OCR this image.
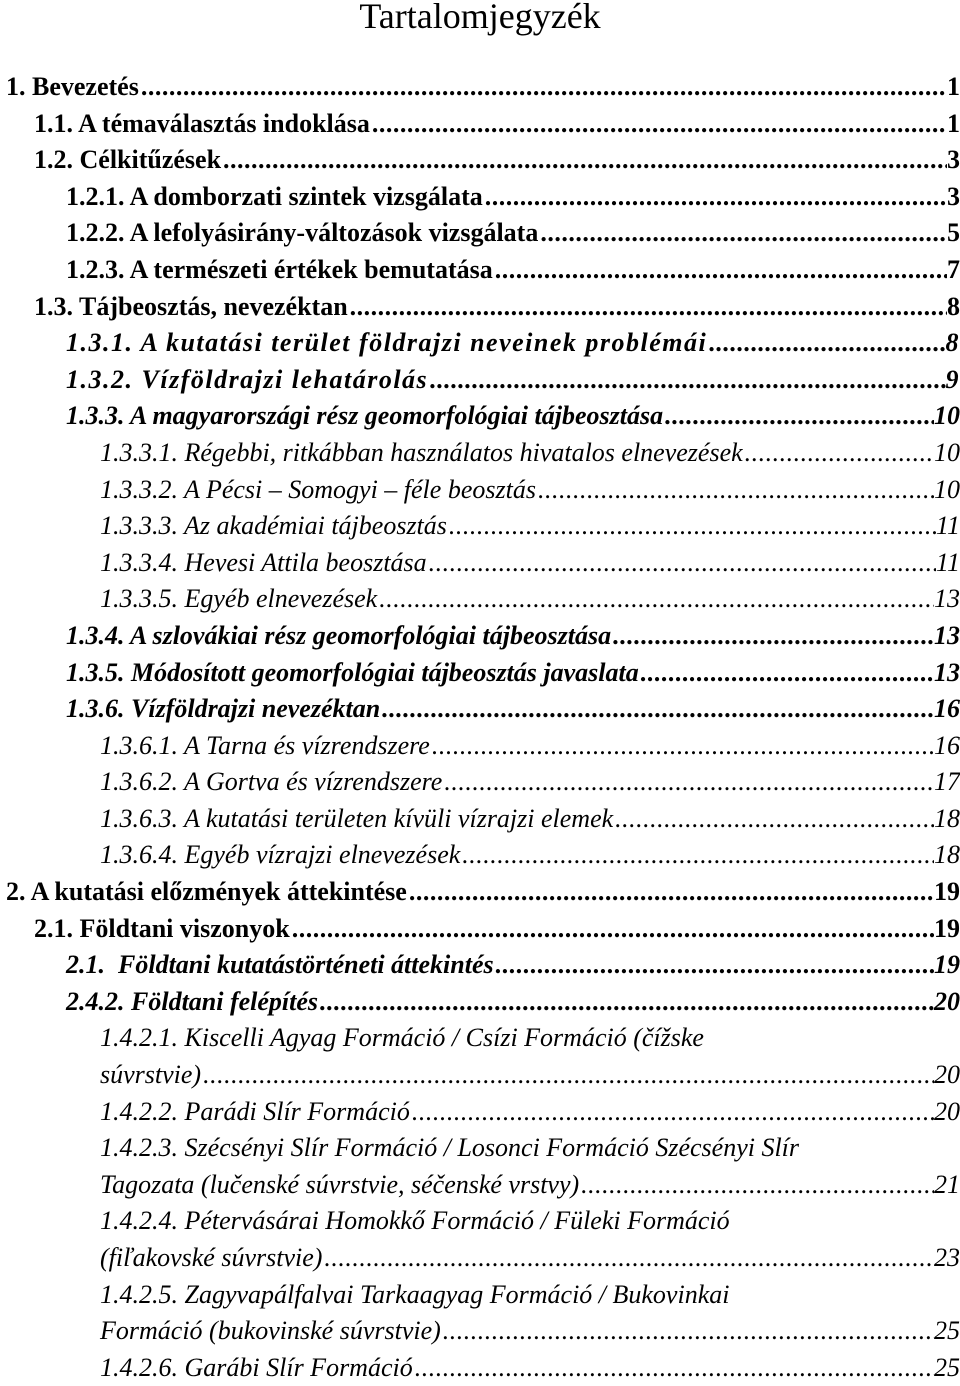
Tartalomjegyzék
1. Bevezetés .....	1
1.1. A témaválasztás indoklása .....	1
1.2. Célkitűzések .....	3
1.2.1. A domborzati szintek vizsgálata .....	3
1.2.2. A lefolyásirány-változások vizsgálata .....	5
1.2.3. A természeti értékek bemutatása .....	7
1.3. Tájbeosztás, nevezéktan .....	8
1.3.1. A kutatási terület földrajzi neveinek problémái .....	8
1.3.2. Vízföldrajzi lehatárolás .....	9
1.3.3. A magyarországi rész geomorfológiai tájbeosztása .....	10
1.3.3.1. Régebbi, ritkábban használatos hivatalos elnevezések .....	10
1.3.3.2. A Pécsi – Somogyi – féle beosztás .....	10
1.3.3.3. Az akadémiai tájbeosztás .....	11
1.3.3.4. Hevesi Attila beosztása .....	11
1.3.3.5. Egyéb elnevezések .....	13
1.3.4. A szlovákiai rész geomorfológiai tájbeosztása .....	13
1.3.5. Módosított geomorfológiai tájbeosztás javaslata .....	13
1.3.6. Vízföldrajzi nevezéktan .....	16
1.3.6.1. A Tarna és vízrendszere .....	16
1.3.6.2. A Gortva és vízrendszere .....	17
1.3.6.3. A kutatási területen kívüli vízrajzi elemek .....	18
1.3.6.4. Egyéb vízrajzi elnevezések .....	18
2. A kutatási előzmények áttekintése .....	19
2.1. Földtani viszonyok .....	19
2.1. Földtani kutatástörténeti áttekintés .....	19
2.4.2. Földtani felépítés .....	20
1.4.2.1. Kiscelli Agyag Formáció / Csízi Formáció (čížske
súvrstvie) .....	20
1.4.2.2. Parádi Slír Formáció .....	20
1.4.2.3. Szécsényi Slír Formáció / Losonci Formáció Szécsényi Slír
Tagozata (lučenské súvrstvie, séčenské vrstvy) .....	21
1.4.2.4. Pétervásárai Homokkő Formáció / Füleki Formáció
(fiľakovské súvrstvie) .....	23
1.4.2.5. Zagyvapálfalvai Tarkaagyag Formáció / Bukovinkai
Formáció (bukovinské súvrstvie) .....	25
1.4.2.6. Garábi Slír Formáció .....	25
